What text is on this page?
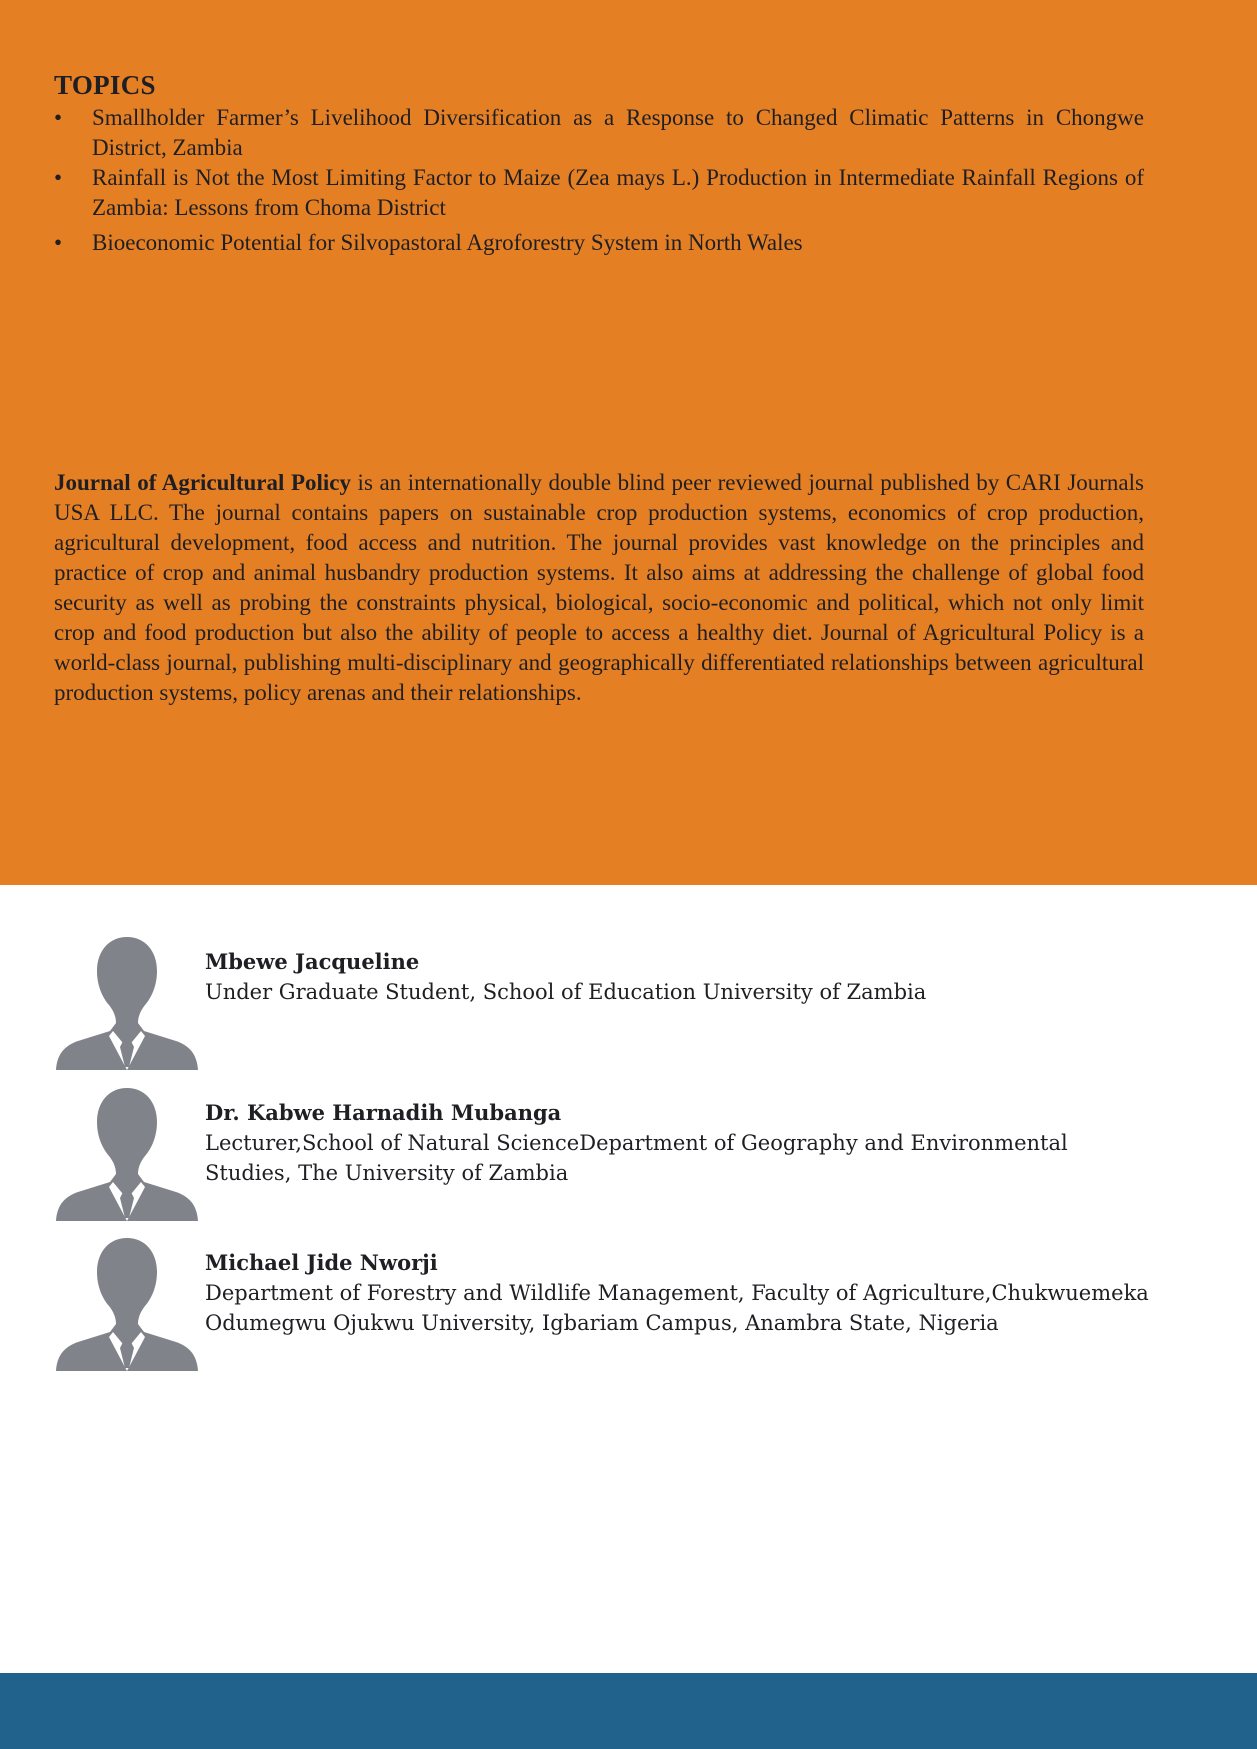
TOPICS
•	Smallholder Farmer’s Livelihood Diversification as a Response to Changed Climatic Patterns in Chongwe District, Zambia
•	Rainfall is Not the Most Limiting Factor to Maize (Zea mays L.) Production in Intermediate Rainfall Regions of Zambia: Lessons from Choma District
•	Bioeconomic Potential for Silvopastoral Agroforestry System in North Wales

Journal of Agricultural Policy is an internationally double blind peer reviewed journal published by CARI Journals USA LLC. The journal contains papers on sustainable crop production systems, economics of crop production, agricultural development, food access and nutrition. The journal provides vast knowledge on the principles and practice of crop and animal husbandry production systems. It also aims at addressing the challenge of global food security as well as probing the constraints physical, biological, socio-economic and political, which not only limit crop and food production but also the ability of people to access a healthy diet. Journal of Agricultural Policy is a world-class journal, publishing multi-disciplinary and geographically differentiated relationships between agricultural production systems, policy arenas and their relationships.

Mbewe Jacqueline

Under Graduate Student, School of Education University of Zambia

Dr. Kabwe Harnadih Mubanga

Lecturer,School of Natural ScienceDepartment of Geography and Environmental Studies, The University of Zambia

Michael Jide Nworji

Department of Forestry and Wildlife Management, Faculty of Agriculture,Chukwuemeka Odumegwu Ojukwu University, Igbariam Campus, Anambra State, Nigeria
